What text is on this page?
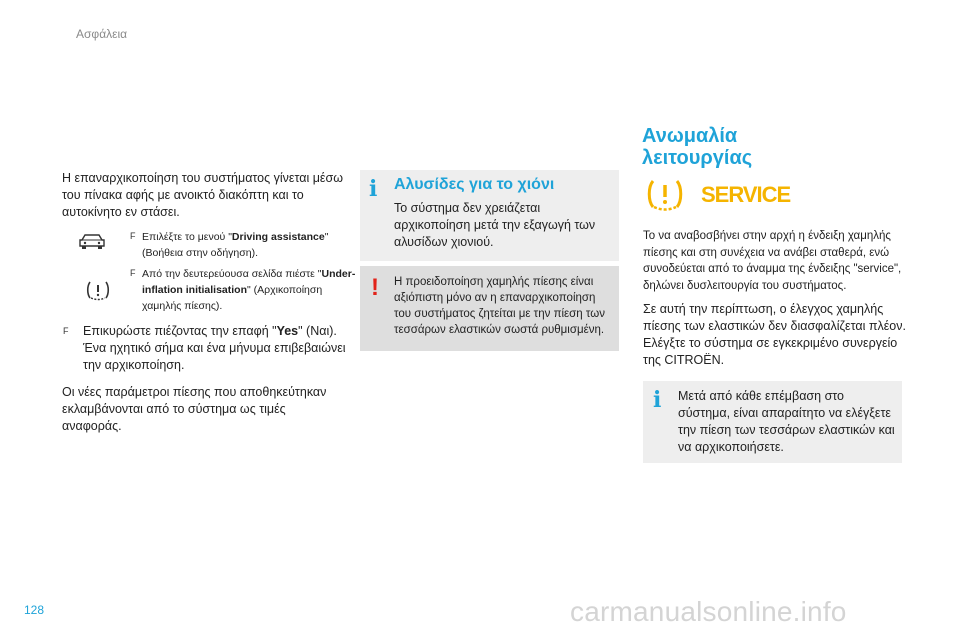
Ασφάλεια
Η επαναρχικοποίηση του συστήματος γίνεται μέσω του πίνακα αφής με ανοικτό διακόπτη και το αυτοκίνητο εν στάσει.
F Επιλέξτε το μενού "Driving assistance" (Βοήθεια στην οδήγηση).
F Από την δευτερεύουσα σελίδα πιέστε "Under-inflation initialisation" (Αρχικοποίηση χαμηλής πίεσης).
F Επικυρώστε πιέζοντας την επαφή "Yes" (Ναι). Ένα ηχητικό σήμα και ένα μήνυμα επιβεβαιώνει την αρχικοποίηση.
Οι νέες παράμετροι πίεσης που αποθηκεύτηκαν εκλαμβάνονται από το σύστημα ως τιμές αναφοράς.
i Αλυσίδες για το χιόνι
Το σύστημα δεν χρειάζεται αρχικοποίηση μετά την εξαγωγή των αλυσίδων χιονιού.
! Η προειδοποίηση χαμηλής πίεσης είναι αξιόπιστη μόνο αν η επαναρχικοποίηση του συστήματος ζητείται με την πίεση των τεσσάρων ελαστικών σωστά ρυθμισμένη.
Ανωμαλία λειτουργίας
SERVICE
Το να αναβοσβήνει στην αρχή η ένδειξη χαμηλής πίεσης και στη συνέχεια να ανάβει σταθερά, ενώ συνοδεύεται από το άναμμα της ένδειξης "service", δηλώνει δυσλειτουργία του συστήματος.
Σε αυτή την περίπτωση, ο έλεγχος χαμηλής πίεσης των ελαστικών δεν διασφαλίζεται πλέον. Ελέγξτε το σύστημα σε εγκεκριμένο συνεργείο της CITROËN.
i Μετά από κάθε επέμβαση στο σύστημα, είναι απαραίτητο να ελέγξετε την πίεση των τεσσάρων ελαστικών και να αρχικοποιήσετε.
128	carmanualsonline.info
